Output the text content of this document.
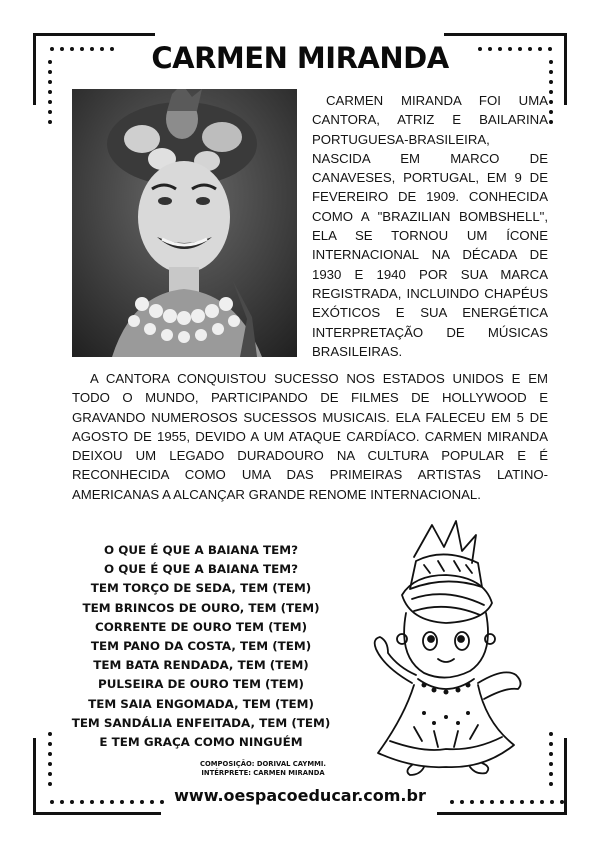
CARMEN MIRANDA

CARMEN MIRANDA FOI UMA CANTORA, ATRIZ E BAILARINA PORTUGUESA-BRASILEIRA, NASCIDA EM MARCO DE CANAVESES, PORTUGAL, EM 9 DE FEVEREIRO DE 1909. CONHECIDA COMO A "BRAZILIAN BOMBSHELL", ELA SE TORNOU UM ÍCONE INTERNACIONAL NA DÉCADA DE 1930 E 1940 POR SUA MARCA REGISTRADA, INCLUINDO CHAPÉUS EXÓTICOS E SUA ENERGÉTICA INTERPRETAÇÃO DE MÚSICAS BRASILEIRAS.

A CANTORA CONQUISTOU SUCESSO NOS ESTADOS UNIDOS E EM TODO O MUNDO, PARTICIPANDO DE FILMES DE HOLLYWOOD E GRAVANDO NUMEROSOS SUCESSOS MUSICAIS. ELA FALECEU EM 5 DE AGOSTO DE 1955, DEVIDO A UM ATAQUE CARDÍACO. CARMEN MIRANDA DEIXOU UM LEGADO DURADOURO NA CULTURA POPULAR E É RECONHECIDA COMO UMA DAS PRIMEIRAS ARTISTAS LATINO-AMERICANAS A ALCANÇAR GRANDE RENOME INTERNACIONAL.

O QUE É QUE A BAIANA TEM?
O QUE É QUE A BAIANA TEM?
TEM TORÇO DE SEDA, TEM (TEM)
TEM BRINCOS DE OURO, TEM (TEM)
CORRENTE DE OURO TEM (TEM)
TEM PANO DA COSTA, TEM (TEM)
TEM BATA RENDADA, TEM (TEM)
PULSEIRA DE OURO TEM (TEM)
TEM SAIA ENGOMADA, TEM (TEM)
TEM SANDÁLIA ENFEITADA, TEM (TEM)
E TEM GRAÇA COMO NINGUÉM
COMPOSIÇÃO: DORIVAL CAYMMI.
INTÉRPRETE: CARMEN MIRANDA
www.oespacoeducar.com.br
